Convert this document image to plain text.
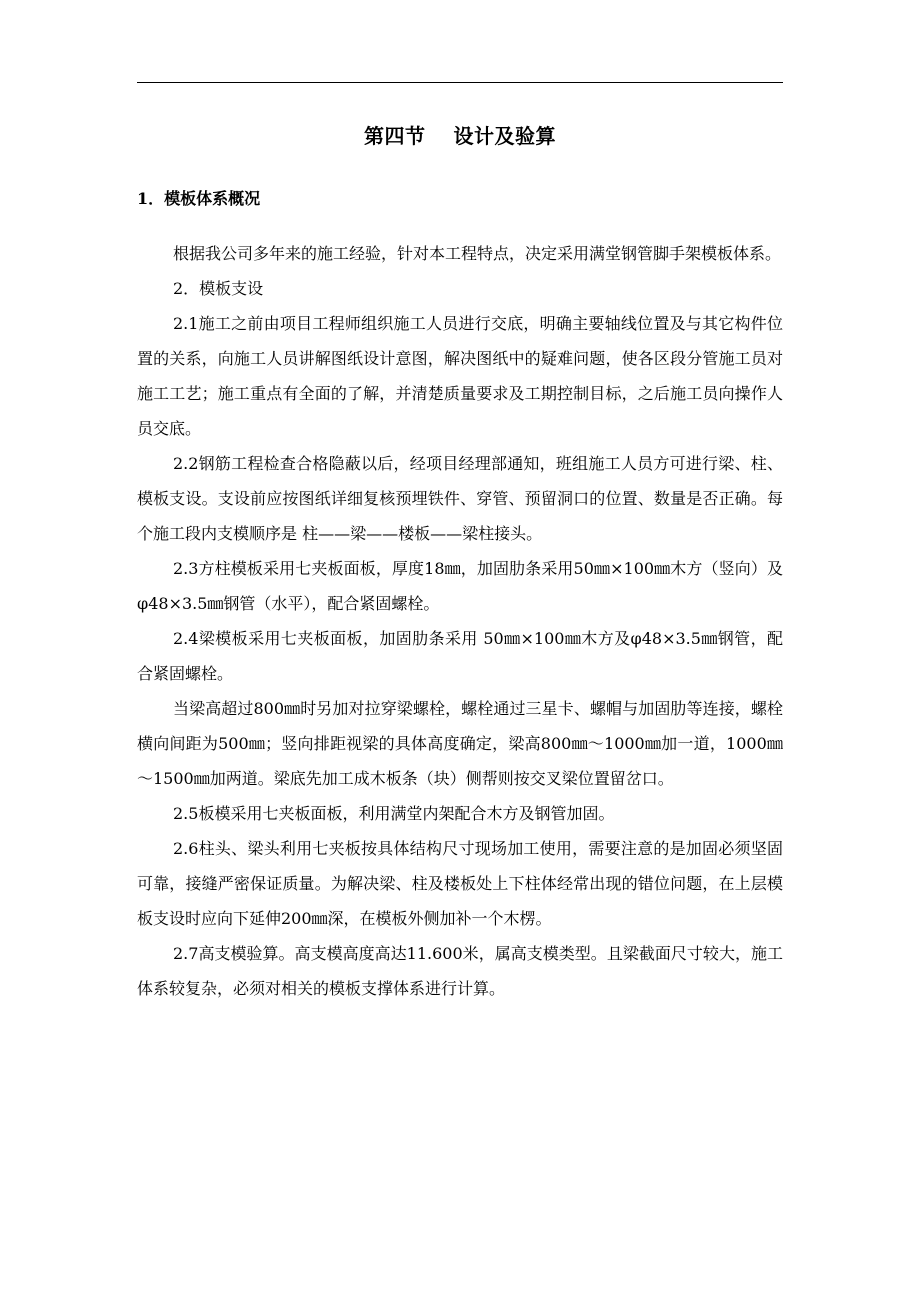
第四节　 设计及验算
1．模板体系概况

根据我公司多年来的施工经验，针对本工程特点，决定采用满堂钢管脚手架模板体系。

2．模板支设

2.1施工之前由项目工程师组织施工人员进行交底，明确主要轴线位置及与其它构件位置的关系，向施工人员讲解图纸设计意图，解决图纸中的疑难问题，使各区段分管施工员对施工工艺；施工重点有全面的了解，并清楚质量要求及工期控制目标，之后施工员向操作人员交底。

2.2钢筋工程检查合格隐蔽以后，经项目经理部通知，班组施工人员方可进行梁、柱、模板支设。支设前应按图纸详细复核预埋铁件、穿管、预留洞口的位置、数量是否正确。每个施工段内支模顺序是 柱——梁——楼板——梁柱接头。

2.3方柱模板采用七夹板面板，厚度18㎜，加固肋条采用50㎜×100㎜木方（竖向）及φ48×3.5㎜钢管（水平），配合紧固螺栓。

2.4梁模板采用七夹板面板，加固肋条采用 50㎜×100㎜木方及φ48×3.5㎜钢管，配合紧固螺栓。

当梁高超过800㎜时另加对拉穿梁螺栓，螺栓通过三星卡、螺帽与加固肋等连接，螺栓横向间距为500㎜；竖向排距视梁的具体高度确定，梁高800㎜～1000㎜加一道，1000㎜～1500㎜加两道。梁底先加工成木板条（块）侧帮则按交叉梁位置留岔口。

2.5板模采用七夹板面板，利用满堂内架配合木方及钢管加固。

2.6柱头、梁头利用七夹板按具体结构尺寸现场加工使用，需要注意的是加固必须坚固可靠，接缝严密保证质量。为解决梁、柱及楼板处上下柱体经常出现的错位问题，在上层模板支设时应向下延伸200㎜深，在模板外侧加补一个木楞。

2.7高支模验算。高支模高度高达11.600米，属高支模类型。且梁截面尺寸较大，施工体系较复杂，必须对相关的模板支撑体系进行计算。
